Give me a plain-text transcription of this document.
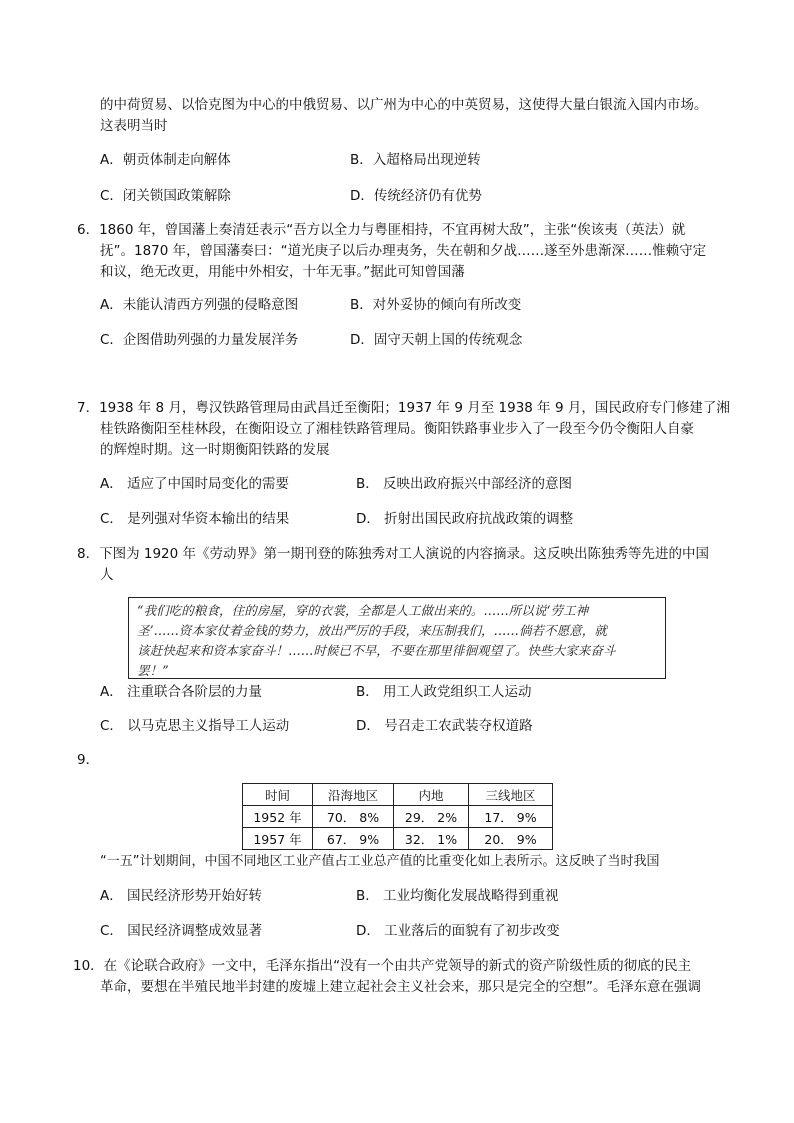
的中荷贸易、以恰克图为中心的中俄贸易、以广州为中心的中英贸易，这使得大量白银流入国内市场。
这表明当时
A．朝贡体制走向解体	B．入超格局出现逆转
C．闭关锁国政策解除	D．传统经济仍有优势
6．1860 年，曾国藩上奏清廷表示“吾方以全力与粤匪相持，不宜再树大敌”，主张“俟该夷（英法）就
抚”。1870 年，曾国藩奏曰：“道光庚子以后办理夷务，失在朝和夕战……遂至外患渐深……惟赖守定
和议，绝无改更，用能中外相安，十年无事。”据此可知曾国藩
A．未能认清西方列强的侵略意图	B．对外妥协的倾向有所改变
C．企图借助列强的力量发展洋务	D．固守天朝上国的传统观念
7．1938 年 8 月，粤汉铁路管理局由武昌迁至衡阳；1937 年 9 月至 1938 年 9 月，国民政府专门修建了湘
桂铁路衡阳至桂林段，在衡阳设立了湘桂铁路管理局。衡阳铁路事业步入了一段至今仍令衡阳人自豪
的辉煌时期。这一时期衡阳铁路的发展
A． 适应了中国时局变化的需要	B． 反映出政府振兴中部经济的意图
C． 是列强对华资本输出的结果	D． 折射出国民政府抗战政策的调整
8．下图为 1920 年《劳动界》第一期刊登的陈独秀对工人演说的内容摘录。这反映出陈独秀等先进的中国
人
“我们吃的粮食，住的房屋，穿的衣裳，全都是人工做出来的。……所以说‘劳工神
圣’……资本家仗着金钱的势力，放出严厉的手段，来压制我们，……倘若不愿意，就
该赶快起来和资本家奋斗！……时候已不早，不要在那里徘徊观望了。快些大家来奋斗
罢！”
A． 注重联合各阶层的力量	B． 用工人政党组织工人运动
C． 以马克思主义指导工人运动	D． 号召走工农武装夺权道路
9．
时间	沿海地区	内地	三线地区
1952 年	70． 8%	29． 2%	17． 9%
1957 年	67． 9%	32． 1%	20． 9%
“一五”计划期间，中国不同地区工业产值占工业总产值的比重变化如上表所示。这反映了当时我国
A． 国民经济形势开始好转	B． 工业均衡化发展战略得到重视
C． 国民经济调整成效显著	D． 工业落后的面貌有了初步改变
10．在《论联合政府》一文中，毛泽东指出“没有一个由共产党领导的新式的资产阶级性质的彻底的民主
革命，要想在半殖民地半封建的废墟上建立起社会主义社会来，那只是完全的空想”。毛泽东意在强调
